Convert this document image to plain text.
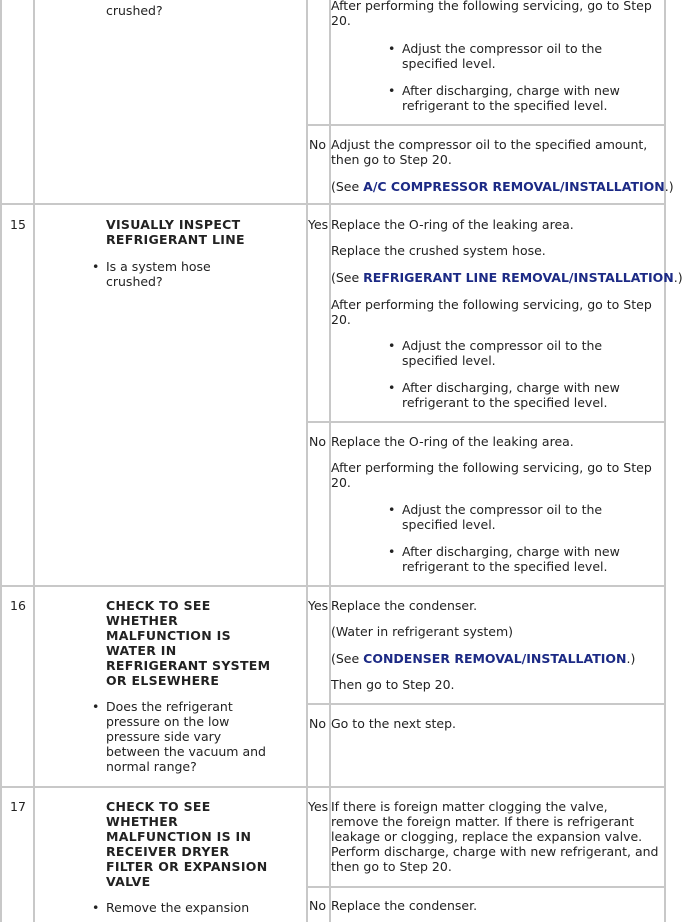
crushed?	After performing the following servicing, go to Step
20.
• Adjust the compressor oil to the
specified level.
• After discharging, charge with new
refrigerant to the specified level.
No Adjust the compressor oil to the specified amount,
then go to Step 20.
(See A/C COMPRESSOR REMOVAL/INSTALLATION.)
15	VISUALLY INSPECT
REFRIGERANT LINE
• Is a system hose
crushed?
Yes Replace the O-ring of the leaking area.
Replace the crushed system hose.
(See REFRIGERANT LINE REMOVAL/INSTALLATION.)
After performing the following servicing, go to Step
20.
• Adjust the compressor oil to the
specified level.
• After discharging, charge with new
refrigerant to the specified level.
No Replace the O-ring of the leaking area.
After performing the following servicing, go to Step
20.
• Adjust the compressor oil to the
specified level.
• After discharging, charge with new
refrigerant to the specified level.
16	CHECK TO SEE
WHETHER
MALFUNCTION IS
WATER IN
REFRIGERANT SYSTEM
OR ELSEWHERE
• Does the refrigerant
pressure on the low
pressure side vary
between the vacuum and
normal range?
Yes Replace the condenser.
(Water in refrigerant system)
(See CONDENSER REMOVAL/INSTALLATION.)
Then go to Step 20.
No Go to the next step.
17	CHECK TO SEE
WHETHER
MALFUNCTION IS IN
RECEIVER DRYER
FILTER OR EXPANSION
VALVE
• Remove the expansion
Yes If there is foreign matter clogging the valve,
remove the foreign matter. If there is refrigerant
leakage or clogging, replace the expansion valve.
Perform discharge, charge with new refrigerant, and
then go to Step 20.
No Replace the condenser.
